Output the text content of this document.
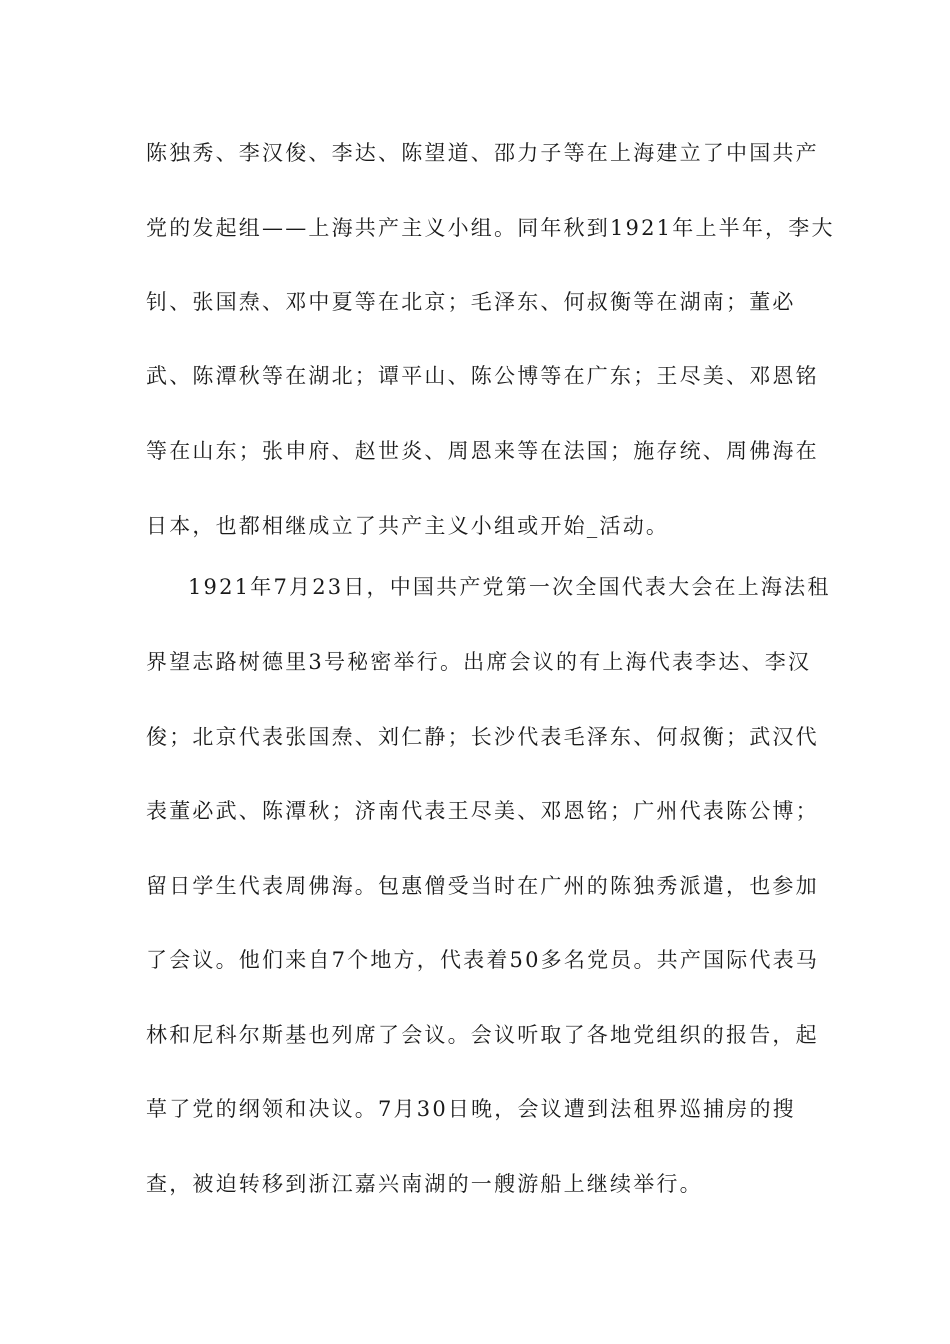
陈独秀、李汉俊、李达、陈望道、邵力子等在上海建立了中国共产
党的发起组——上海共产主义小组。同年秋到1921年上半年，李大
钊、张国焘、邓中夏等在北京；毛泽东、何叔衡等在湖南；董必
武、陈潭秋等在湖北；谭平山、陈公博等在广东；王尽美、邓恩铭
等在山东；张申府、赵世炎、周恩来等在法国；施存统、周佛海在
日本，也都相继成立了共产主义小组或开始_活动。
1921年7月23日，中国共产党第一次全国代表大会在上海法租
界望志路树德里3号秘密举行。出席会议的有上海代表李达、李汉
俊；北京代表张国焘、刘仁静；长沙代表毛泽东、何叔衡；武汉代
表董必武、陈潭秋；济南代表王尽美、邓恩铭；广州代表陈公博；
留日学生代表周佛海。包惠僧受当时在广州的陈独秀派遣，也参加
了会议。他们来自7个地方，代表着50多名党员。共产国际代表马
林和尼科尔斯基也列席了会议。会议听取了各地党组织的报告，起
草了党的纲领和决议。7月30日晚，会议遭到法租界巡捕房的搜
查，被迫转移到浙江嘉兴南湖的一艘游船上继续举行。
